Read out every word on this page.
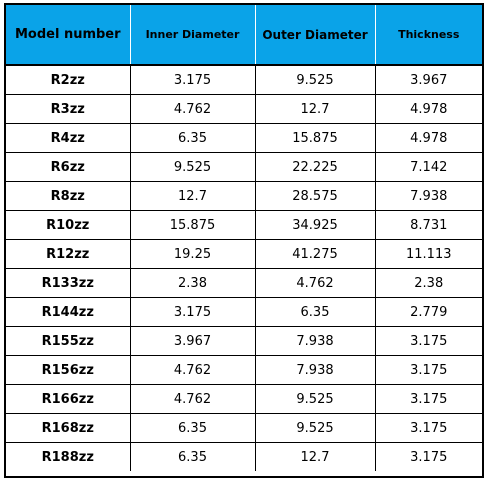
Model number	Inner Diameter	Outer Diameter	Thickness
R2zz	3.175	9.525	3.967
R3zz	4.762	12.7	4.978
R4zz	6.35	15.875	4.978
R6zz	9.525	22.225	7.142
R8zz	12.7	28.575	7.938
R10zz	15.875	34.925	8.731
R12zz	19.25	41.275	11.113
R133zz	2.38	4.762	2.38
R144zz	3.175	6.35	2.779
R155zz	3.967	7.938	3.175
R156zz	4.762	7.938	3.175
R166zz	4.762	9.525	3.175
R168zz	6.35	9.525	3.175
R188zz	6.35	12.7	3.175
